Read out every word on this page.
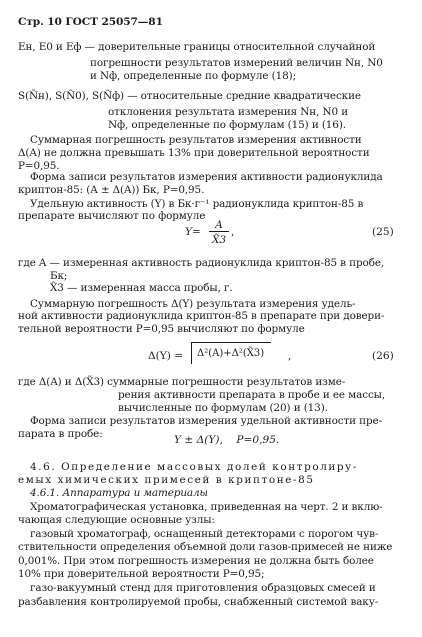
Стр. 10 ГОСТ 25057—81
Eн, E0 и Eф — доверительные границы относительной случайной
погрешности результатов измерений величин Nн, N0
и Nф, определенные по формуле (18);
S(Ñн), S(Ñ0), S(Ñф) — относительные средние квадратические
отклонения результата измерения Nн, N0 и
Nф, определенные по формулам (15) и (16).
Суммарная погрешность результатов измерения активности
Δ(A) не должна превышать 13% при доверительной вероятности
P=0,95.
Форма записи результатов измерения активности радионуклида
криптон-85: (A ± Δ(A)) Бк, P=0,95.
Удельную активность (Y) в Бк·г⁻¹ радионуклида криптон-85 в
препарате вычисляют по формуле
где A — измеренная активность радионуклида криптон-85 в пробе,
Бк;
X̃3 — измеренная масса пробы, г.
Суммарную погрешность Δ(Y) результата измерения удель-
ной активности радионуклида криптон-85 в препарате при довери-
тельной вероятности P=0,95 вычисляют по формуле
где Δ(A) и Δ(X̃3) суммарные погрешности результатов изме-
рения активности препарата в пробе и ее массы,
вычисленные по формулам (20) и (13).
Форма записи результатов измерения удельной активности пре-
парата в пробе:
4.6. Определение массовых долей контролиру-
емых химических примесей в криптоне-85
4.6.1. Аппаратура и материалы
Хроматографическая установка, приведенная на черт. 2 и вклю-
чающая следующие основные узлы:
газовый хроматограф, оснащенный детекторами с порогом чув-
ствительности определения объемной доли газов-примесей не ниже
0,001%. При этом погрешность измерения не должна быть более
10% при доверительной вероятности P=0,95;
газо-вакуумный стенд для приготовления образцовых смесей и
разбавления контролируемой пробы, снабженный системой ваку-
Y=
A
X̃3
,	(25)
Δ(Y) = Δ²(A)+Δ²(X̃3) ,	(26)
Y ± Δ(Y),    P=0,95.
